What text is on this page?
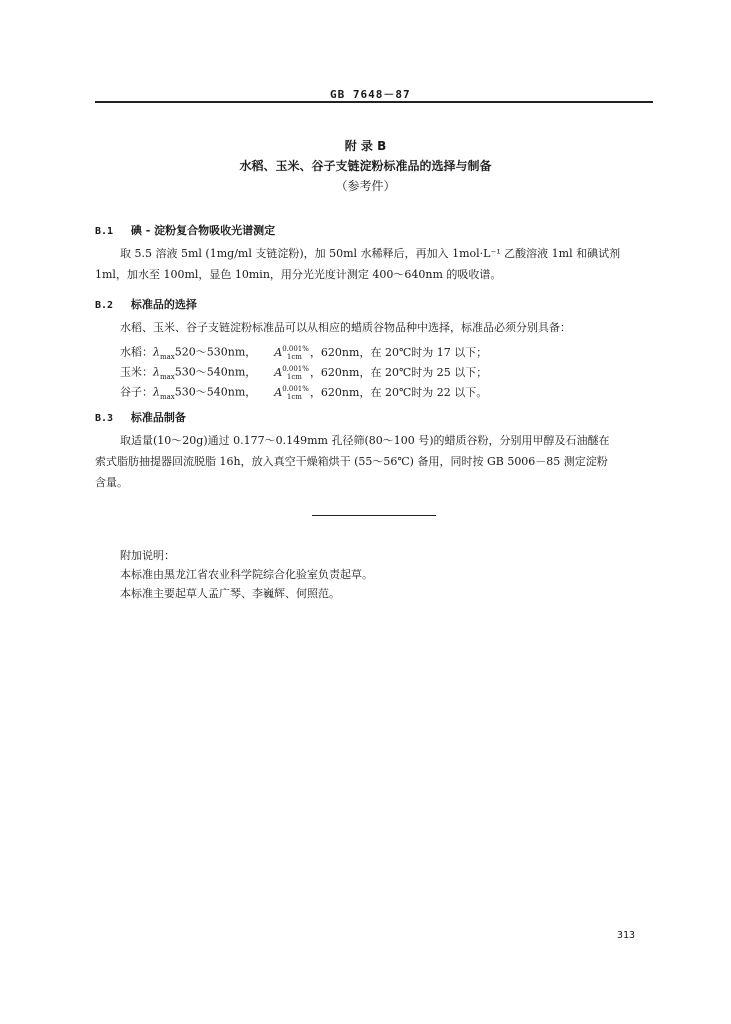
GB 7648－87
附 录 B
水稻、玉米、谷子支链淀粉标准品的选择与制备
（参考件）
B.1 碘 - 淀粉复合物吸收光谱测定
取 5.5 溶液 5ml (1mg/ml 支链淀粉)，加 50ml 水稀释后，再加入 1mol·L⁻¹ 乙酸溶液 1ml 和碘试剂
1ml，加水至 100ml，显色 10min，用分光光度计测定 400～640nm 的吸收谱。
B.2 标准品的选择
水稻、玉米、谷子支链淀粉标准品可以从相应的蜡质谷物品种中选择，标准品必须分别具备：
水稻：$\lambda_{max}520\sim 530nm$， $A^{0.001\%}_{1cm}$ ，620nm，在 20℃时为 17 以下；
玉米：$\lambda_{max}530\sim 540nm$， $A^{0.001\%}_{1cm}$ ，620nm，在 20℃时为 25 以下；
谷子：$\lambda_{max}530\sim 540nm$， $A^{0.001\%}_{1cm}$ ，620nm，在 20℃时为 22 以下。
B.3 标准品制备
取适量(10～20g)通过 0.177～0.149mm 孔径筛(80～100 号)的蜡质谷粉，分别用甲醇及石油醚在
索式脂肪抽提器回流脱脂 16h，放入真空干燥箱烘干 (55～56℃) 备用，同时按 GB 5006－85 测定淀粉
含量。
附加说明：
本标准由黑龙江省农业科学院综合化验室负责起草。
本标准主要起草人孟广琴、李巍辉、何照范。
313
